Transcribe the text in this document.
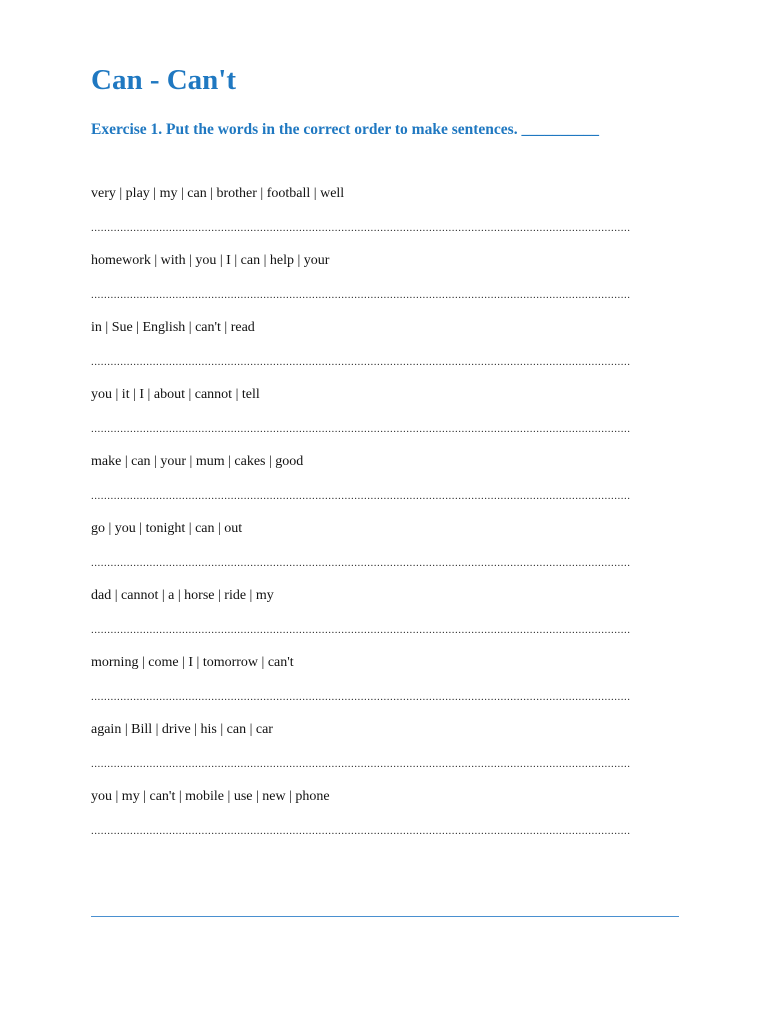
Can - Can't
Exercise 1. Put the words in the correct order to make sentences. __________
very | play | my | can | brother | football | well
......................................................................................................................................................................
homework | with | you | I | can | help | your
......................................................................................................................................................................
in | Sue | English | can't | read
......................................................................................................................................................................
you | it | I | about | cannot | tell
......................................................................................................................................................................
make | can | your | mum | cakes | good
......................................................................................................................................................................
go | you | tonight | can | out
......................................................................................................................................................................
dad | cannot | a | horse | ride | my
......................................................................................................................................................................
morning | come | I | tomorrow | can't
......................................................................................................................................................................
again | Bill | drive | his | can | car
......................................................................................................................................................................
you | my | can't | mobile | use | new | phone
......................................................................................................................................................................
